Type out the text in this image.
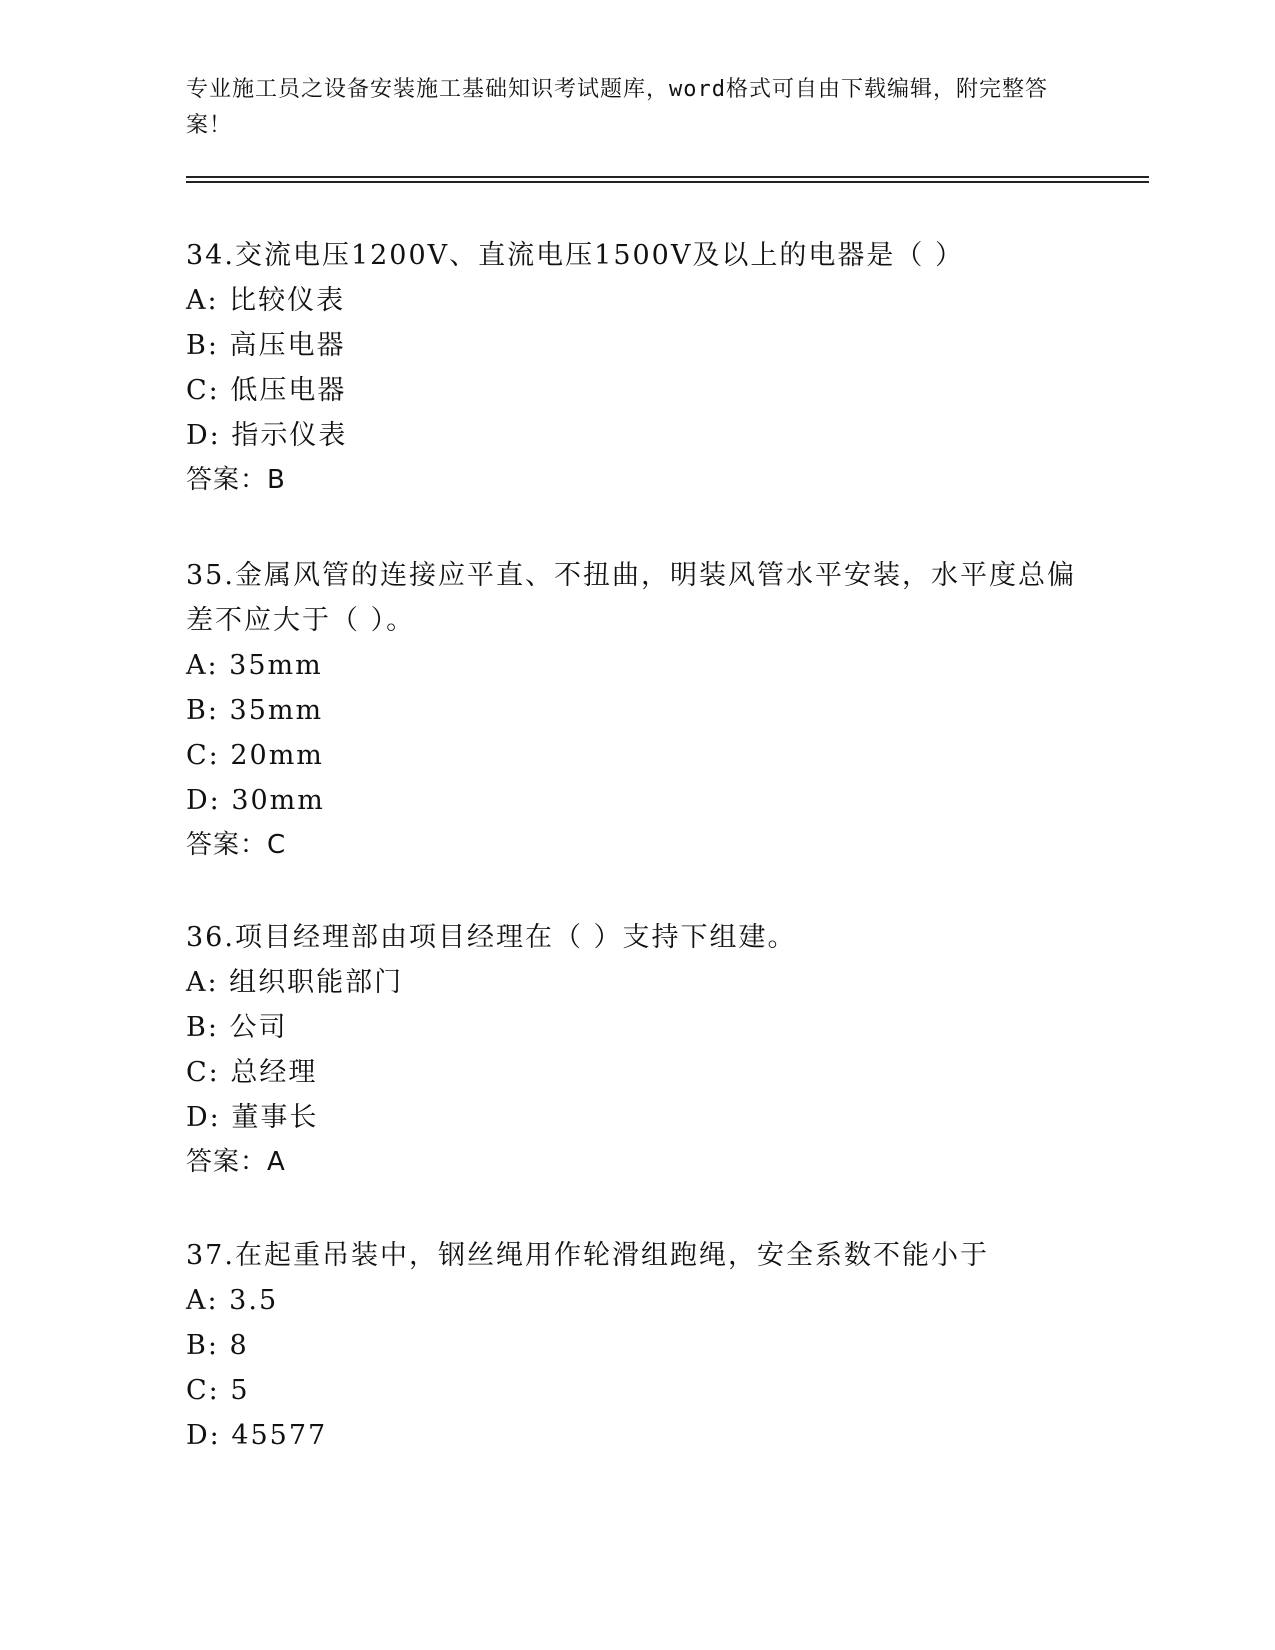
专业施工员之设备安装施工基础知识考试题库，word格式可自由下载编辑，附完整答案！

34.交流电压1200V、直流电压1500V及以上的电器是（ ）

A: 比较仪表

B: 高压电器

C: 低压电器

D: 指示仪表

答案：B

35.金属风管的连接应平直、不扭曲，明装风管水平安装，水平度总偏差不应大于（ ）。

A: 35mm

B: 35mm

C: 20mm

D: 30mm

答案：C

36.项目经理部由项目经理在（ ）支持下组建。

A: 组织职能部门

B: 公司

C: 总经理

D: 董事长

答案：A

37.在起重吊装中，钢丝绳用作轮滑组跑绳，安全系数不能小于

A: 3.5

B: 8

C: 5

D: 45577
